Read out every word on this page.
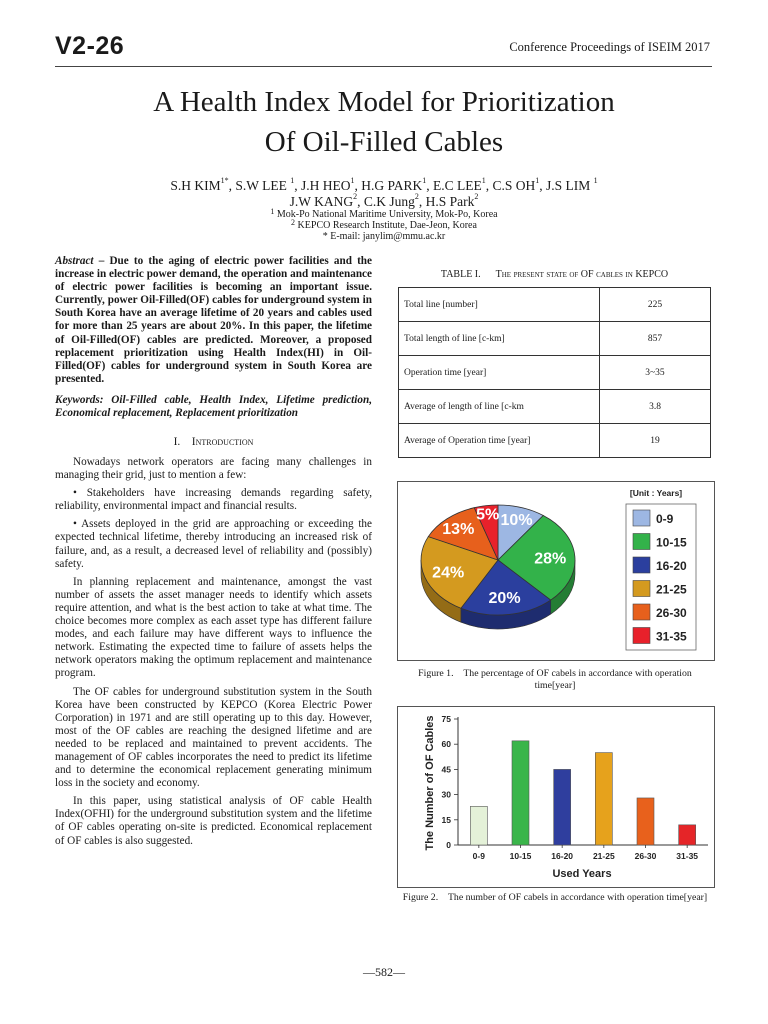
V2-26	Conference Proceedings of ISEIM 2017
A Health Index Model for Prioritization
Of Oil-Filled Cables
S.H $KIM^{1*}$, S.W LEE $^1$, J.H HEO$^1$, H.G PARK$^1$, E.C LEE$^1$, C.S $OH^1$, J.S LIM $^1$
J.W KANG$^2$, C.K Jung$^2$, H.S Park$^2$
$^1$ Mok-Po National Maritime University, Mok-Po, Korea
$^2$ KEPCO Research Institute, Dae-Jeon, Korea
* E-mail: janylim@mmu.ac.kr
Abstract – Due to the aging of electric power facilities and the increase in electric power demand, the operation and maintenance of electric power facilities is becoming an important issue. Currently, power Oil-Filled(OF) cables for underground system in South Korea have an average lifetime of 20 years and cables used for more than 25 years are about 20%. In this paper, the lifetime of Oil-Filled(OF) cables are predicted. Moreover, a proposed replacement prioritization using Health Index(HI) in Oil-Filled(OF) cables for underground system in South Korea are presented.
Keywords: Oil-Filled cable, Health Index, Lifetime prediction, Economical replacement, Replacement prioritization
I. Introduction

Nowadays network operators are facing many challenges in managing their grid, just to mention a few:

• Stakeholders have increasing demands regarding safety, reliability, environmental impact and financial results.

• Assets deployed in the grid are approaching or exceeding the expected technical lifetime, thereby introducing an increased risk of failure, and, as a result, a decreased level of reliability and (possibly) safety.

In planning replacement and maintenance, amongst the vast number of assets the asset manager needs to identify which assets require attention, and what is the best action to take at what time. The choice becomes more complex as each asset type has different failure modes, and each failure may have different ways to influence the network. Estimating the expected time to failure of assets helps the network operators making the optimum replacement and maintenance program.

The OF cables for underground substitution system in the South Korea have been constructed by KEPCO (Korea Electric Power Corporation) in 1971 and are still operating up to this day. However, most of the OF cables are reaching the designed lifetime and are needed to be replaced and maintained to prevent accidents. The management of OF cables incorporates the need to predict its lifetime and to determine the economical replacement generating minimum loss in the society and economy.

In this paper, using statistical analysis of OF cable Health Index(OFHI) for the underground substitution system and the lifetime of OF cables operating on-site is predicted. Economical replacement of OF cables is also suggested.

TABLE I. The present state of OF cables in KEPCO
Total line [number]	225
Total length of line [c-km]	857
Operation time [year]	3~35
Average of length of line [c-km	3.8
Average of Operation time [year]	19
10%
28%
20%
24%
13%
5%
[Unit : Years]
0-9
10-15
16-20
21-25
26-30
31-35
Figure 1. The percentage of OF cabels in accordance with operation time[year]
0
15
30
45
60
75
0-9	10-15 16-20 21-25 26-30 31-35
Used Years
The Number of OF Cables
Figure 2. The number of OF cabels in accordance with operation time[year]
—582—
